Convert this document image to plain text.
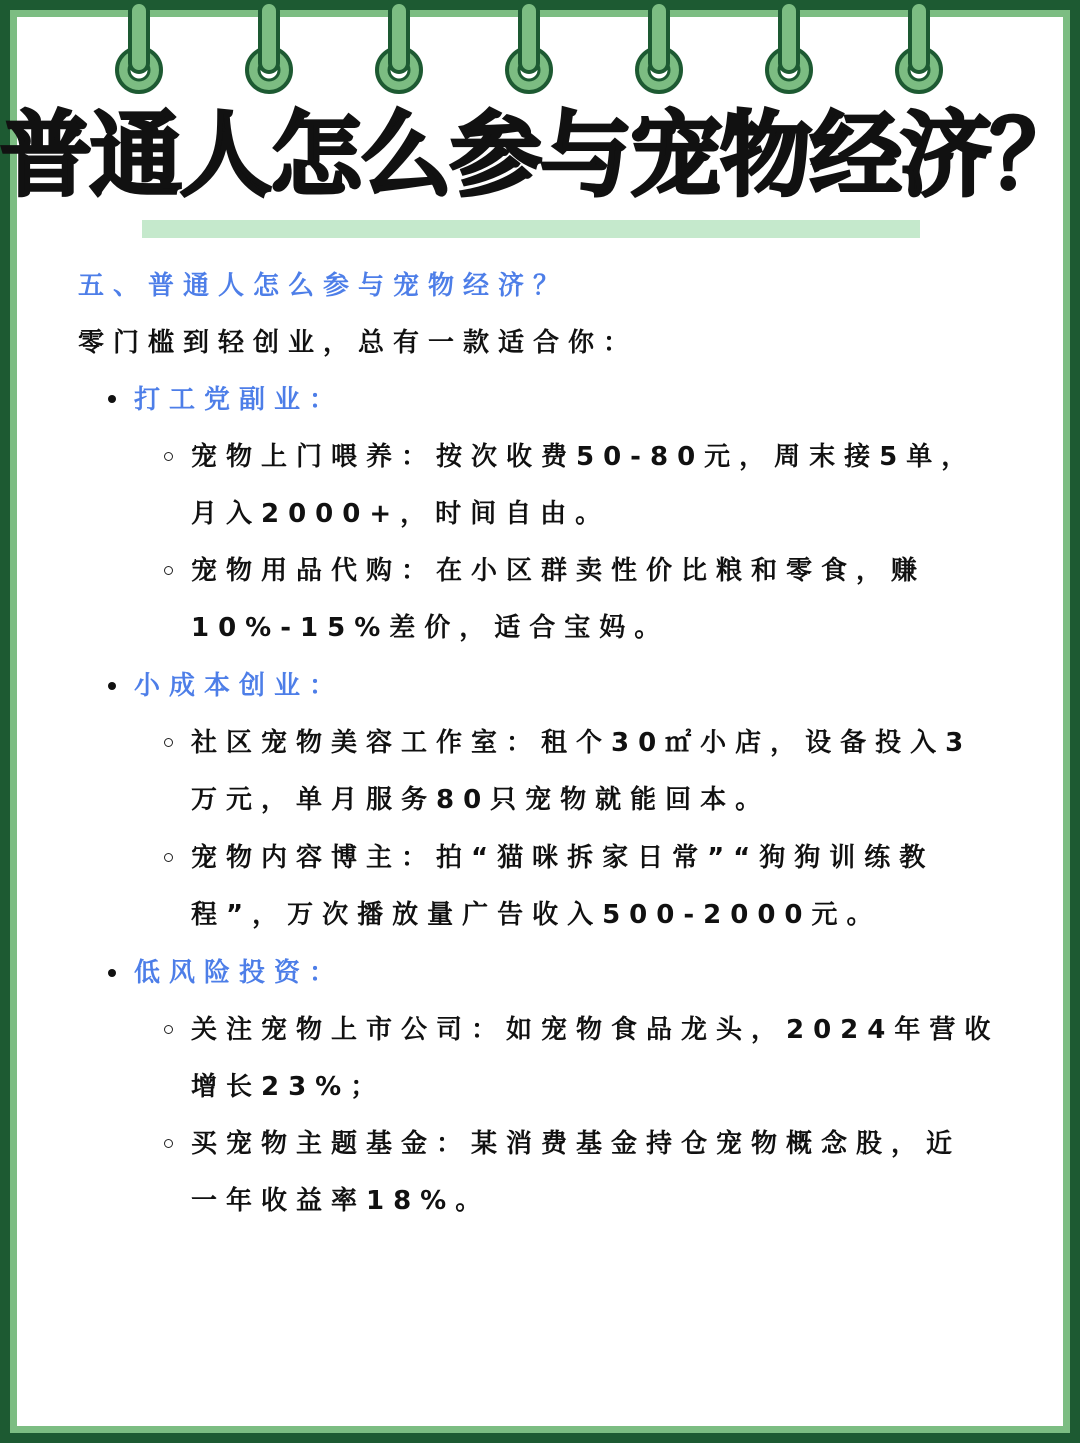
普通人怎么参与宠物经济？
五、普通人怎么参与宠物经济？
零门槛到轻创业，总有一款适合你：
打工党副业：
宠物上门喂养：按次收费50-80元，周末接5单，
月入2000+，时间自由。
宠物用品代购：在小区群卖性价比粮和零食，赚
10%-15%差价，适合宝妈。
小成本创业：
社区宠物美容工作室：租个30㎡小店，设备投入3
万元，单月服务80只宠物就能回本。
宠物内容博主：拍“猫咪拆家日常”“狗狗训练教
程”，万次播放量广告收入500-2000元。
低风险投资：
关注宠物上市公司：如宠物食品龙头，2024年营收
增长23%；
买宠物主题基金：某消费基金持仓宠物概念股，近
一年收益率18%。
